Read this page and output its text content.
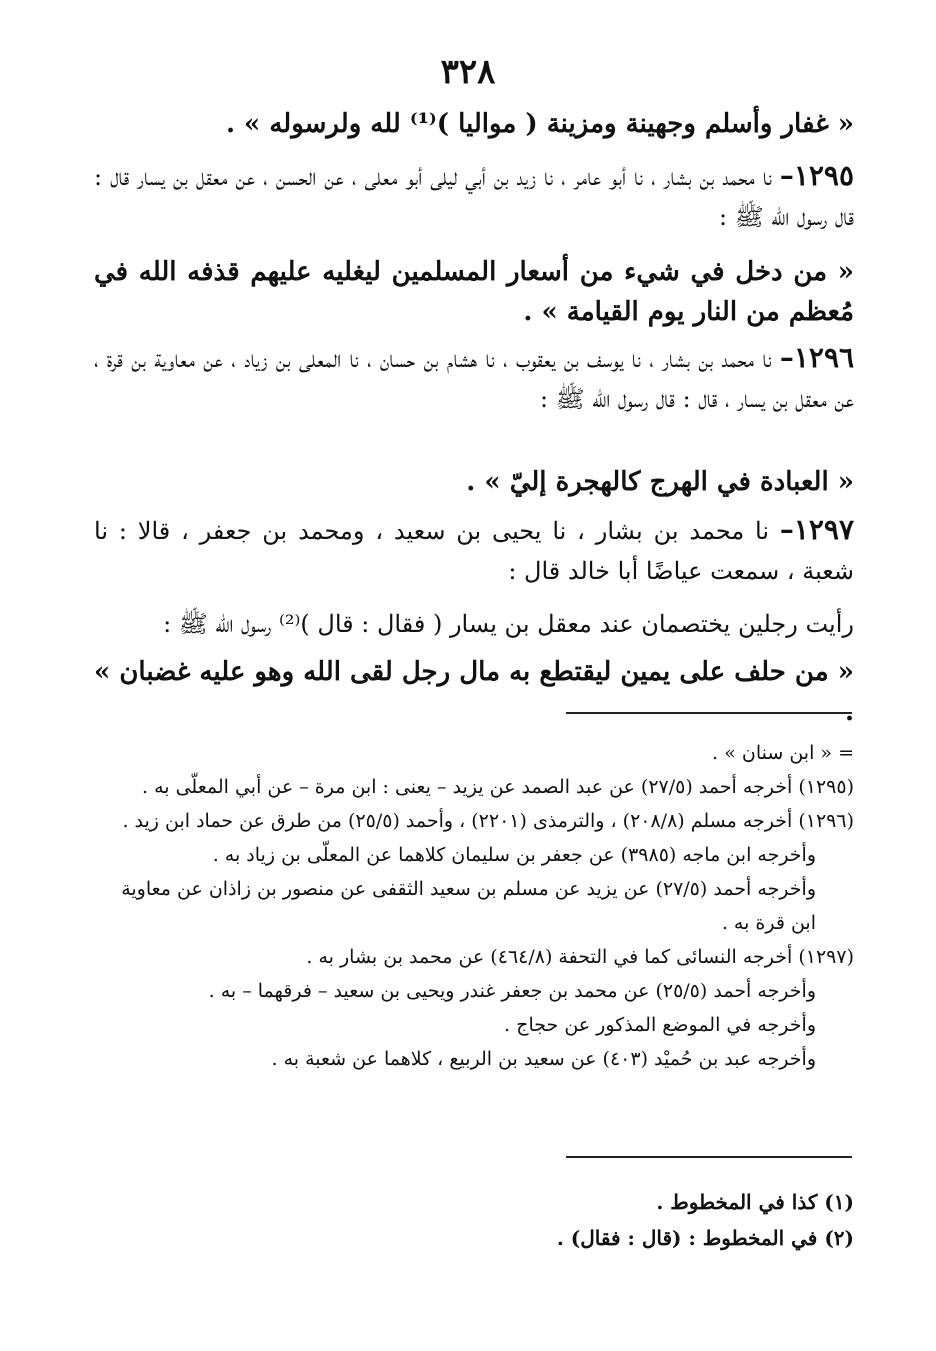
٣٢٨
« غفار وأسلم وجهينة ومزينة ( مواليا )⁽¹⁾ لله ولرسوله » .
١٢٩٥– نا محمد بن بشار ، نا أبو عامر ، نا زيد بن أبي ليلى أبو معلى ، عن الحسن ، عن معقل بن يسار قال : قال رسول الله ﷺ :
« من دخل في شيء من أسعار المسلمين ليغليه عليهم قذفه الله في مُعظم من النار يوم القيامة » .
١٢٩٦– نا محمد بن بشار ، نا يوسف بن يعقوب ، نا هشام بن حسان ، نا المعلى بن زياد ، عن معاوية بن قرة ، عن معقل بن يسار ، قال : قال رسول الله ﷺ :
« العبادة في الهرج كالهجرة إليّ » .
١٢٩٧– نا محمد بن بشار ، نا يحيى بن سعيد ، ومحمد بن جعفر ، قالا : نا شعبة ، سمعت عياضًا أبا خالد قال :
رأيت رجلين يختصمان عند معقل بن يسار ( فقال : قال )⁽²⁾ رسول الله ﷺ :
« من حلف على يمين ليقتطع به مال رجل لقى الله وهو عليه غضبان » .
= « ابن سنان » .
(١٢٩٥) أخرجه أحمد (٢٧/٥) عن عبد الصمد عن يزيد – يعنى : ابن مرة – عن أبي المعلّى به .
(١٢٩٦) أخرجه مسلم (٢٠٨/٨) ، والترمذى (٢٢٠١) ، وأحمد (٢٥/٥) من طرق عن حماد ابن زيد .
وأخرجه ابن ماجه (٣٩٨٥) عن جعفر بن سليمان كلاهما عن المعلّى بن زياد به .
وأخرجه أحمد (٢٧/٥) عن يزيد عن مسلم بن سعيد الثقفى عن منصور بن زاذان عن معاوية ابن قرة به .
(١٢٩٧) أخرجه النسائى كما في التحفة (٤٦٤/٨) عن محمد بن بشار به .
وأخرجه أحمد (٢٥/٥) عن محمد بن جعفر غندر ويحيى بن سعيد – فرقهما – به .
وأخرجه في الموضع المذكور عن حجاج .
وأخرجه عبد بن حُميْد (٤٠٣) عن سعيد بن الربيع ، كلاهما عن شعبة به .
(١) كذا في المخطوط .
(٢) في المخطوط : (قال : فقال) .
